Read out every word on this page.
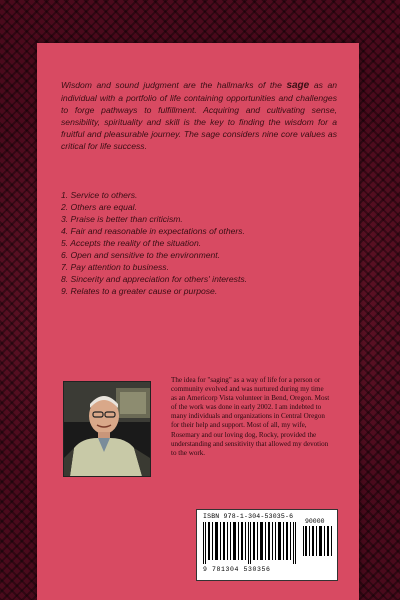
Wisdom and sound judgment are the hallmarks of the sage as an individual with a portfolio of life containing opportunities and challenges to forge pathways to fulfillment. Acquiring and cultivating sense, sensibility, spirituality and skill is the key to finding the wisdom for a fruitful and pleasurable journey. The sage considers nine core values as critical for life success.

1. Service to others.
2. Others are equal.
3. Praise is better than criticism.
4. Fair and reasonable in expectations of others.
5. Accepts the reality of the situation.
6. Open and sensitive to the environment.
7. Pay attention to business.
8. Sincerity and appreciation for others' interests.
9. Relates to a greater cause or purpose.

The idea for "saging" as a way of life for a person or community evolved and was nurtured during my time as an Americorp Vista volunteer in Bend, Oregon. Most of the work was done in early 2002. I am indebted to many individuals and organizations in Central Oregon for their help and support. Most of all, my wife, Rosemary and our loving dog, Rocky, provided the understanding and sensitivity that allowed my devotion to the work.

ISBN 978-1-304-53035-6
90000
9 781304 530356
